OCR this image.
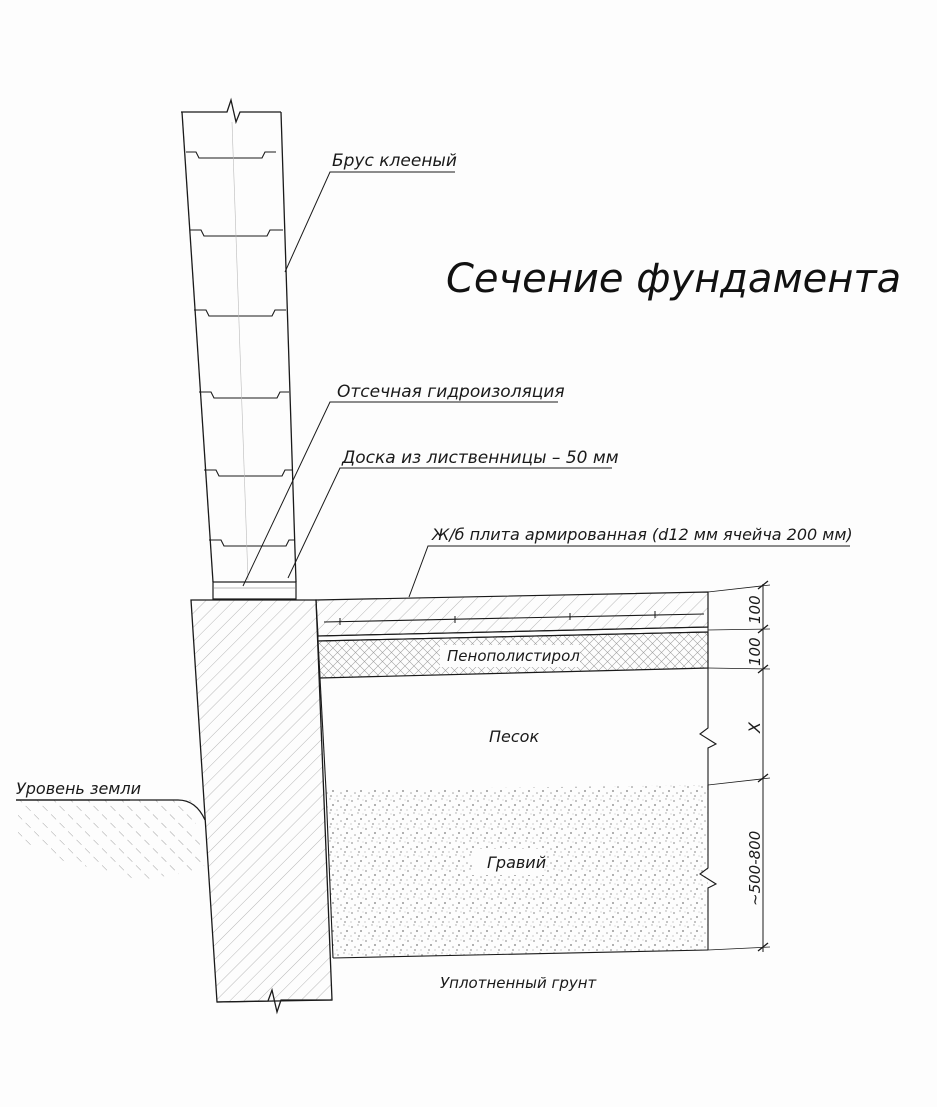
Сечение фундамента
Брус клееный
Отсечная гидроизоляция
Доска из лиственницы – 50 мм
Ж/б плита армированная (d12 мм ячейча 200 мм)
Пенополистирол
Песок
Гравий
Уровень земли
Уплотненный грунт
100
100
X
~500-800
